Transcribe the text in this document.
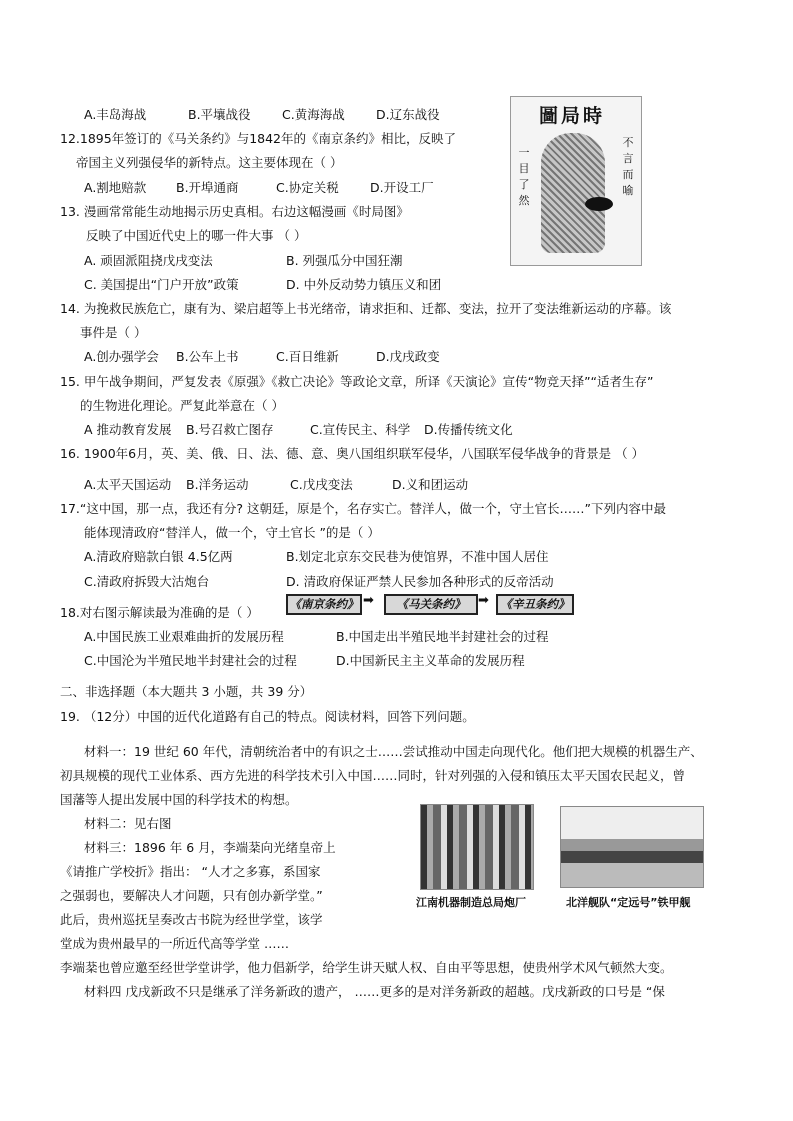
A.丰岛海战	B.平壤战役	C.黄海海战	D.辽东战役
12.1895年签订的《马关条约》与1842年的《南京条约》相比，反映了
帝国主义列强侵华的新特点。这主要体现在（ ）
A.割地赔款 B.开埠通商	C.协定关税	D.开设工厂
13. 漫画常常能生动地揭示历史真相。右边这幅漫画《时局图》
反映了中国近代史上的哪一件大事 （ ）
A. 顽固派阻挠戊戌变法	B. 列强瓜分中国狂潮
C. 美国提出“门户开放”政策	D. 中外反动势力镇压义和团
圖局時
不言而喻
一目了然
14. 为挽救民族危亡，康有为、梁启超等上书光绪帝，请求拒和、迁都、变法，拉开了变法维新运动的序幕。该
事件是（ ）
A.创办强学会 B.公车上书	C.百日维新	D.戊戌政变
15. 甲午战争期间，严复发表《原强》《救亡决论》等政论文章，所译《天演论》宣传“物竞天择”“适者生存”
的生物进化理论。严复此举意在（ ）
A 推动教育发展 B.号召救亡图存	C.宣传民主、科学 D.传播传统文化
16. 1900年6月，英、美、俄、日、法、德、意、奥八国组织联军侵华，八国联军侵华战争的背景是 （ ）
A.太平天国运动 B.洋务运动	C.戊戌变法	D.义和团运动
17.“这中国，那一点，我还有分? 这朝廷，原是个，名存实亡。替洋人，做一个，守土官长……”下列内容中最
能体现清政府“替洋人，做一个，守土官长 ”的是（ ）
A.清政府赔款白银 4.5亿两	B.划定北京东交民巷为使馆界，不准中国人居住
C.清政府拆毁大沽炮台	D. 清政府保证严禁人民参加各种形式的反帝活动
18.对右图示解读最为准确的是（ ）
《南京条约》 ➡	《马关条约》 ➡	《辛丑条约》
A.中国民族工业艰难曲折的发展历程	B.中国走出半殖民地半封建社会的过程
C.中国沦为半殖民地半封建社会的过程	D.中国新民主主义革命的发展历程
二、非选择题（本大题共 3 小题，共 39 分）
19. （12分）中国的近代化道路有自己的特点。阅读材料，回答下列问题。
材料一：19 世纪 60 年代，清朝统治者中的有识之士……尝试推动中国走向现代化。他们把大规模的机器生产、
初具规模的现代工业体系、西方先进的科学技术引入中国……同时，针对列强的入侵和镇压太平天国农民起义，曾
国藩等人提出发展中国的科学技术的构想。
材料二：见右图
材料三：1896 年 6 月，李端棻向光绪皇帝上
《请推广学校折》指出： “人才之多寡，系国家
之强弱也，要解决人才问题，只有创办新学堂。”
此后，贵州巡抚呈奏改古书院为经世学堂，该学
堂成为贵州最早的一所近代高等学堂 ……
李端棻也曾应邀至经世学堂讲学，他力倡新学，给学生讲天赋人权、自由平等思想，使贵州学术风气顿然大变。
材料四 戊戌新政不只是继承了洋务新政的遗产， ……更多的是对洋务新政的超越。戊戌新政的口号是 “保
江南机器制造总局炮厂	北洋舰队“定远号”铁甲舰
